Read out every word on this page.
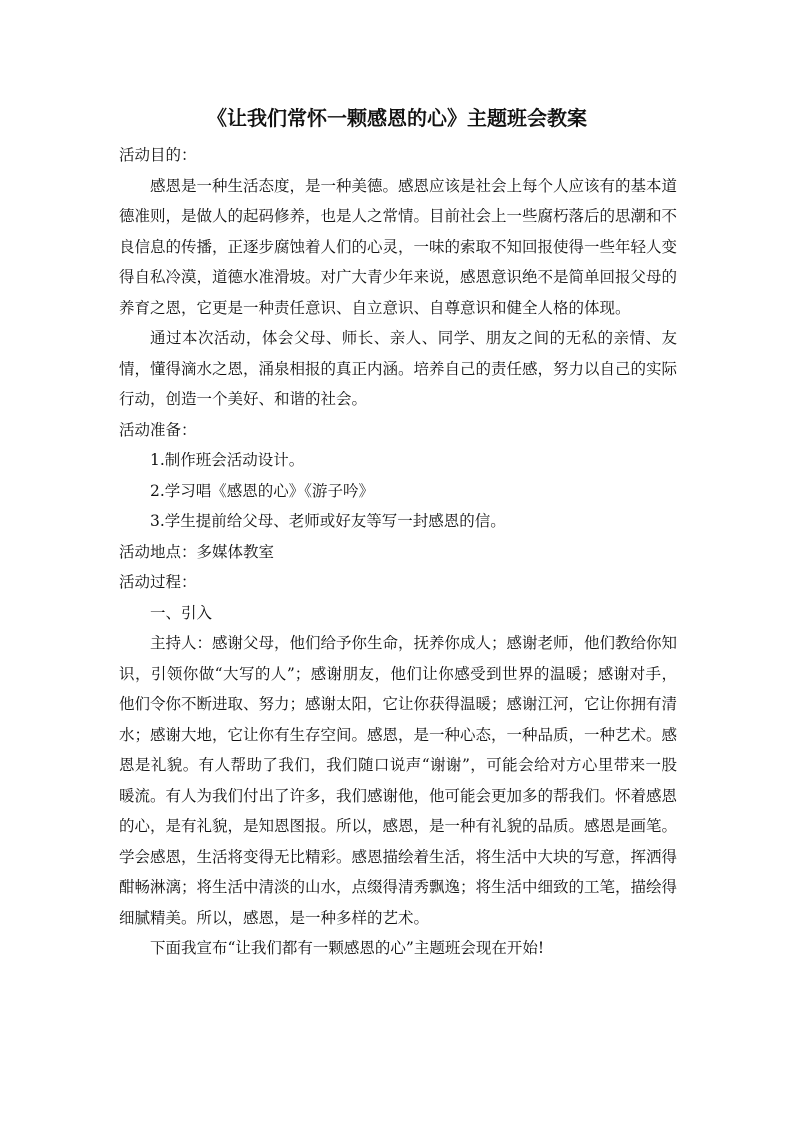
《让我们常怀一颗感恩的心》主题班会教案

活动目的：

感恩是一种生活态度，是一种美德。感恩应该是社会上每个人应该有的基本道德准则，是做人的起码修养，也是人之常情。目前社会上一些腐朽落后的思潮和不良信息的传播，正逐步腐蚀着人们的心灵，一味的索取不知回报使得一些年轻人变得自私冷漠，道德水准滑坡。对广大青少年来说，感恩意识绝不是简单回报父母的养育之恩，它更是一种责任意识、自立意识、自尊意识和健全人格的体现。

通过本次活动，体会父母、师长、亲人、同学、朋友之间的无私的亲情、友情，懂得滴水之恩，涌泉相报的真正内涵。培养自己的责任感，努力以自己的实际行动，创造一个美好、和谐的社会。

活动准备：

1.制作班会活动设计。

2.学习唱《感恩的心》《游子吟》

3.学生提前给父母、老师或好友等写一封感恩的信。

活动地点：多媒体教室

活动过程：

一、引入

主持人：感谢父母，他们给予你生命，抚养你成人；感谢老师，他们教给你知识，引领你做“大写的人”；感谢朋友，他们让你感受到世界的温暖；感谢对手，他们令你不断进取、努力；感谢太阳，它让你获得温暖；感谢江河，它让你拥有清水；感谢大地，它让你有生存空间。感恩，是一种心态，一种品质，一种艺术。感恩是礼貌。有人帮助了我们，我们随口说声“谢谢”，可能会给对方心里带来一股暖流。有人为我们付出了许多，我们感谢他，他可能会更加多的帮我们。怀着感恩的心，是有礼貌，是知恩图报。所以，感恩，是一种有礼貌的品质。感恩是画笔。学会感恩，生活将变得无比精彩。感恩描绘着生活，将生活中大块的写意，挥洒得酣畅淋漓；将生活中清淡的山水，点缀得清秀飘逸；将生活中细致的工笔，描绘得细腻精美。所以，感恩，是一种多样的艺术。

下面我宣布“让我们都有一颗感恩的心”主题班会现在开始!
